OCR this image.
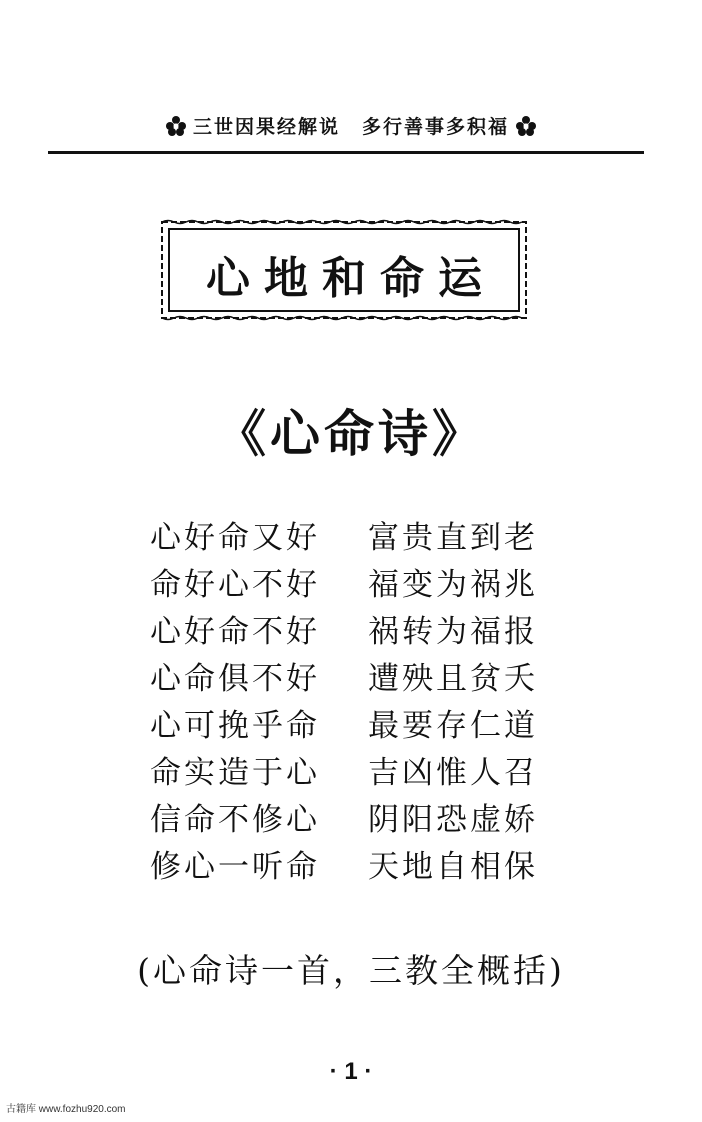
三世因果经解说 多行善事多积福
心地和命运
《心命诗》
心好命又好	富贵直到老
命好心不好	福变为祸兆
心好命不好	祸转为福报
心命俱不好	遭殃且贫夭
心可挽乎命	最要存仁道
命实造于心	吉凶惟人召
信命不修心	阴阳恐虚娇
修心一听命	天地自相保
(心命诗一首，三教全概括)
· 1 ·
古籍库 www.fozhu920.com
